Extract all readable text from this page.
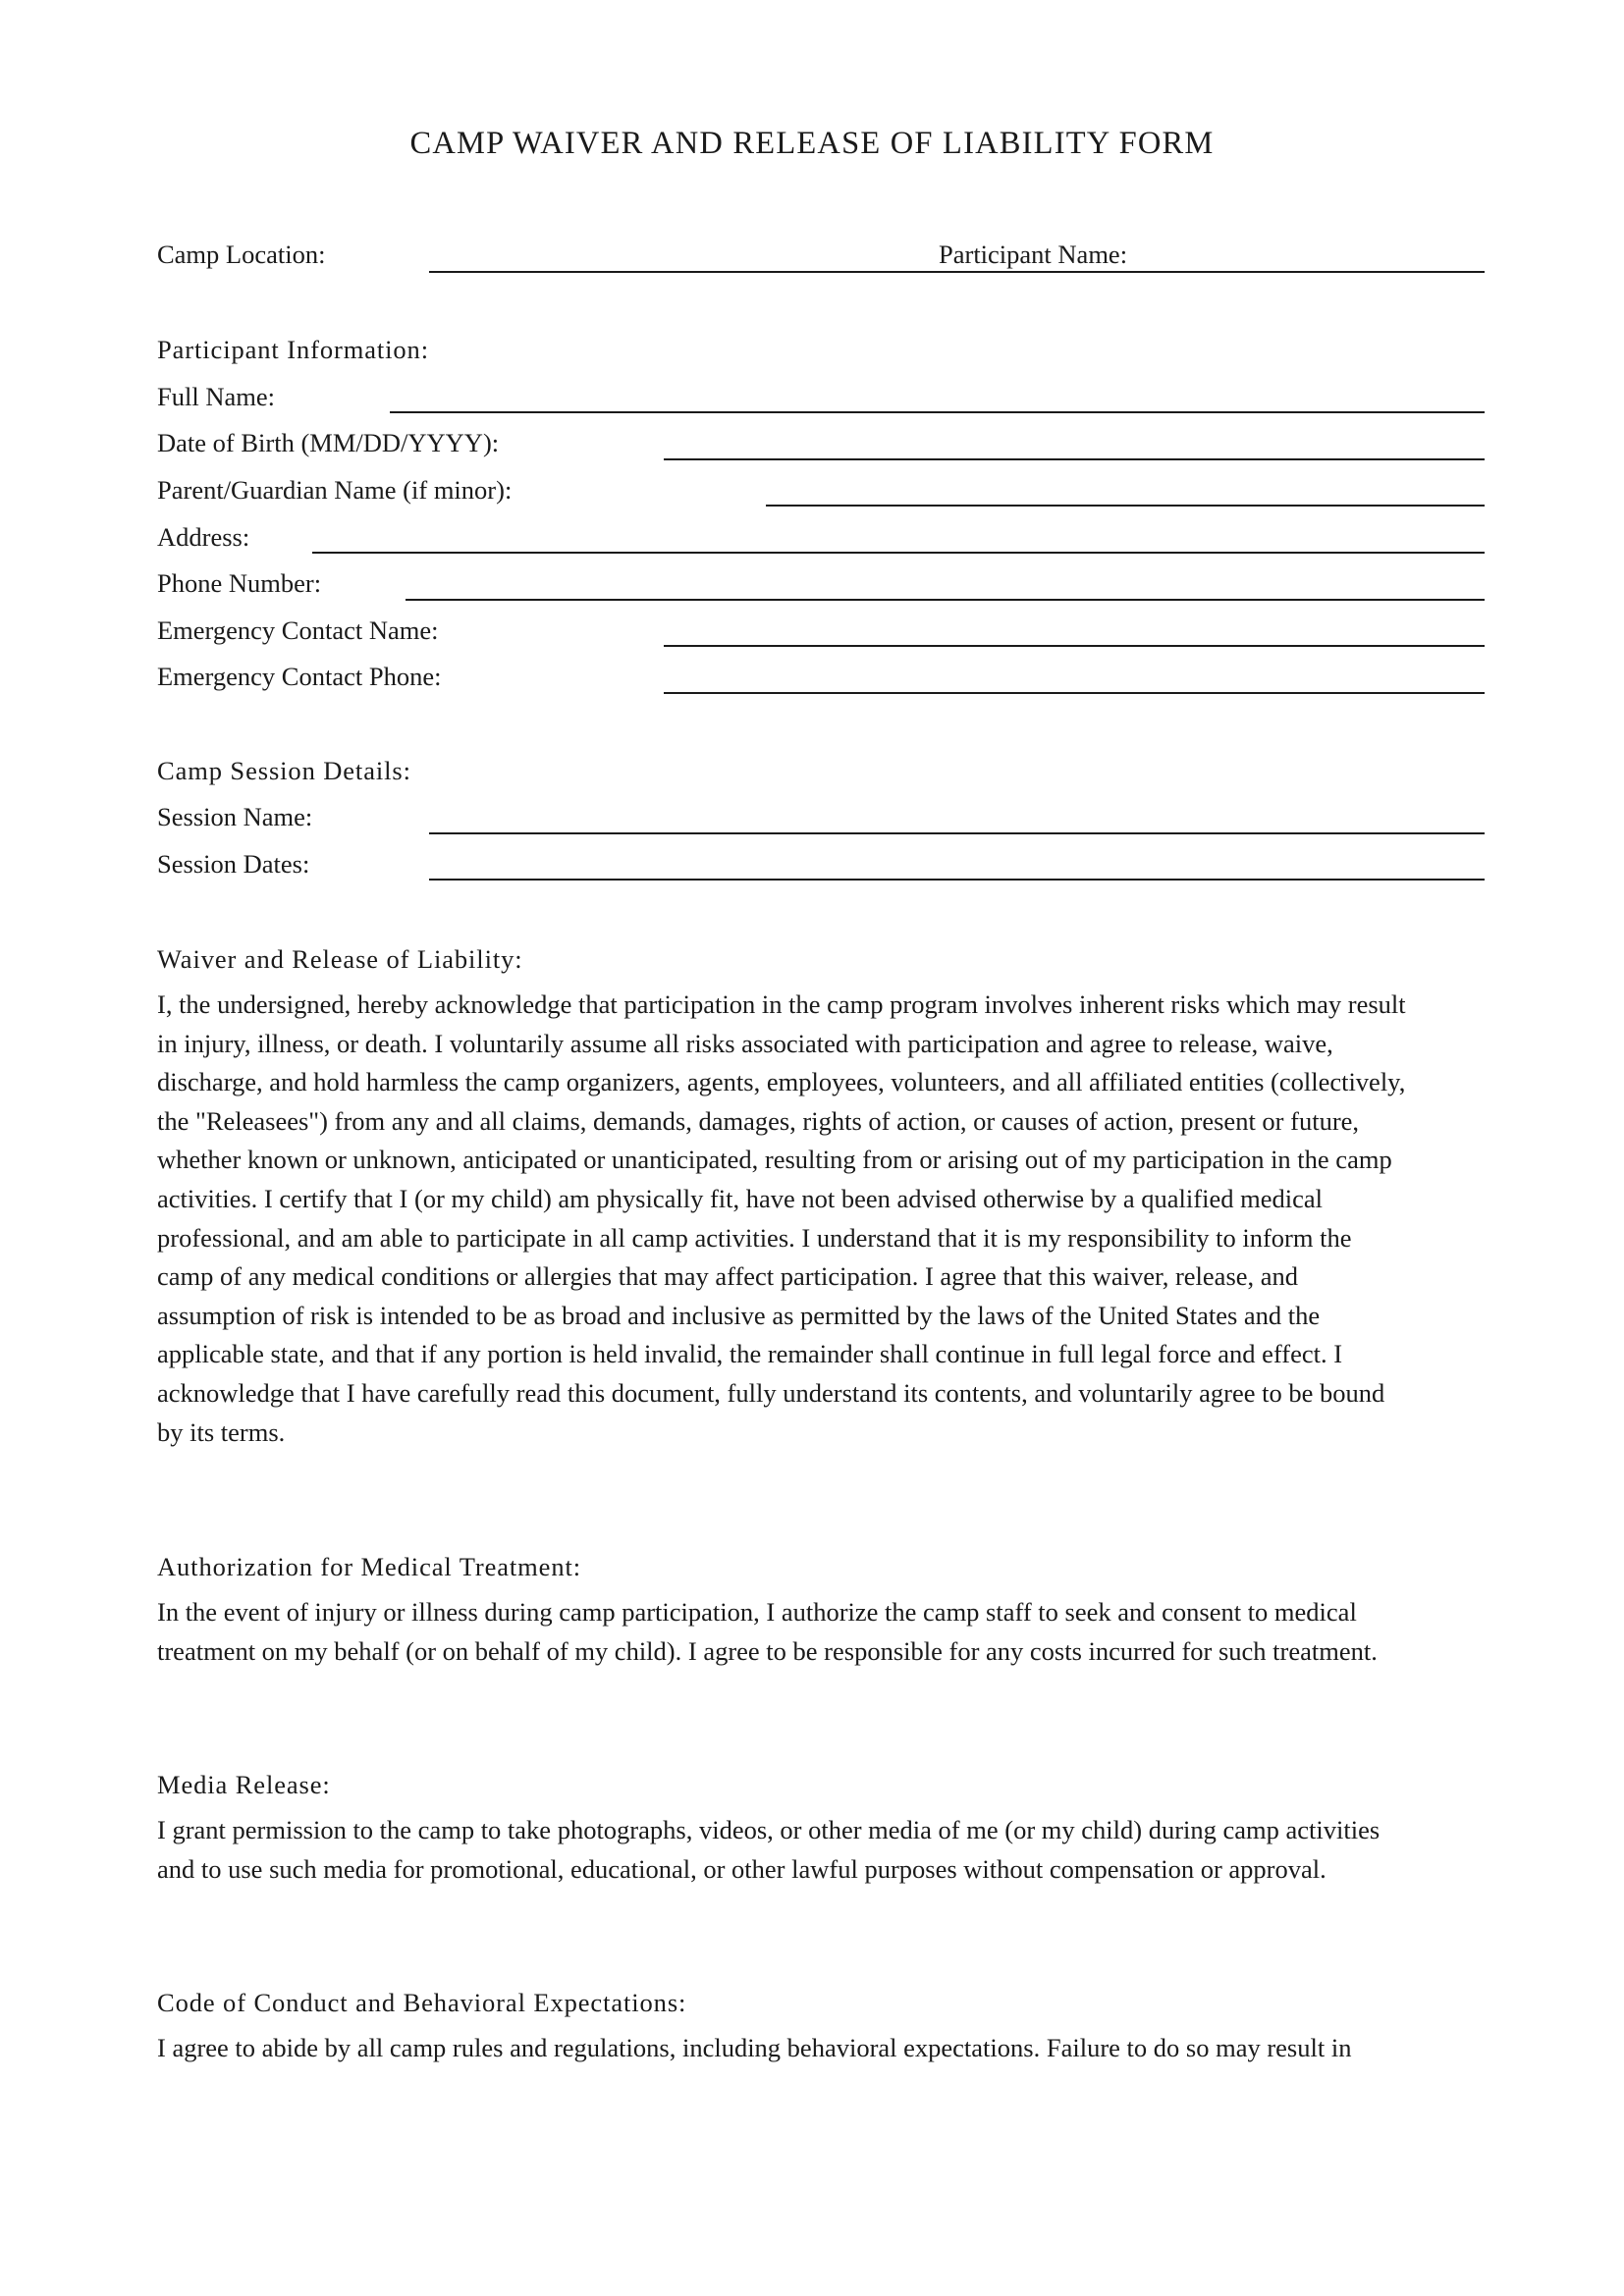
CAMP WAIVER AND RELEASE OF LIABILITY FORM
Camp Location:	Participant Name:
Participant Information:
Full Name:
Date of Birth (MM/DD/YYYY):
Parent/Guardian Name (if minor):
Address:
Phone Number:
Emergency Contact Name:
Emergency Contact Phone:
Camp Session Details:
Session Name:
Session Dates:
Waiver and Release of Liability:
I, the undersigned, hereby acknowledge that participation in the camp program involves inherent risks which may result
in injury, illness, or death. I voluntarily assume all risks associated with participation and agree to release, waive,
discharge, and hold harmless the camp organizers, agents, employees, volunteers, and all affiliated entities (collectively,
the "Releasees") from any and all claims, demands, damages, rights of action, or causes of action, present or future,
whether known or unknown, anticipated or unanticipated, resulting from or arising out of my participation in the camp
activities. I certify that I (or my child) am physically fit, have not been advised otherwise by a qualified medical
professional, and am able to participate in all camp activities. I understand that it is my responsibility to inform the
camp of any medical conditions or allergies that may affect participation. I agree that this waiver, release, and
assumption of risk is intended to be as broad and inclusive as permitted by the laws of the United States and the
applicable state, and that if any portion is held invalid, the remainder shall continue in full legal force and effect. I
acknowledge that I have carefully read this document, fully understand its contents, and voluntarily agree to be bound
by its terms.
Authorization for Medical Treatment:
In the event of injury or illness during camp participation, I authorize the camp staff to seek and consent to medical
treatment on my behalf (or on behalf of my child). I agree to be responsible for any costs incurred for such treatment.
Media Release:
I grant permission to the camp to take photographs, videos, or other media of me (or my child) during camp activities
and to use such media for promotional, educational, or other lawful purposes without compensation or approval.
Code of Conduct and Behavioral Expectations:
I agree to abide by all camp rules and regulations, including behavioral expectations. Failure to do so may result in
